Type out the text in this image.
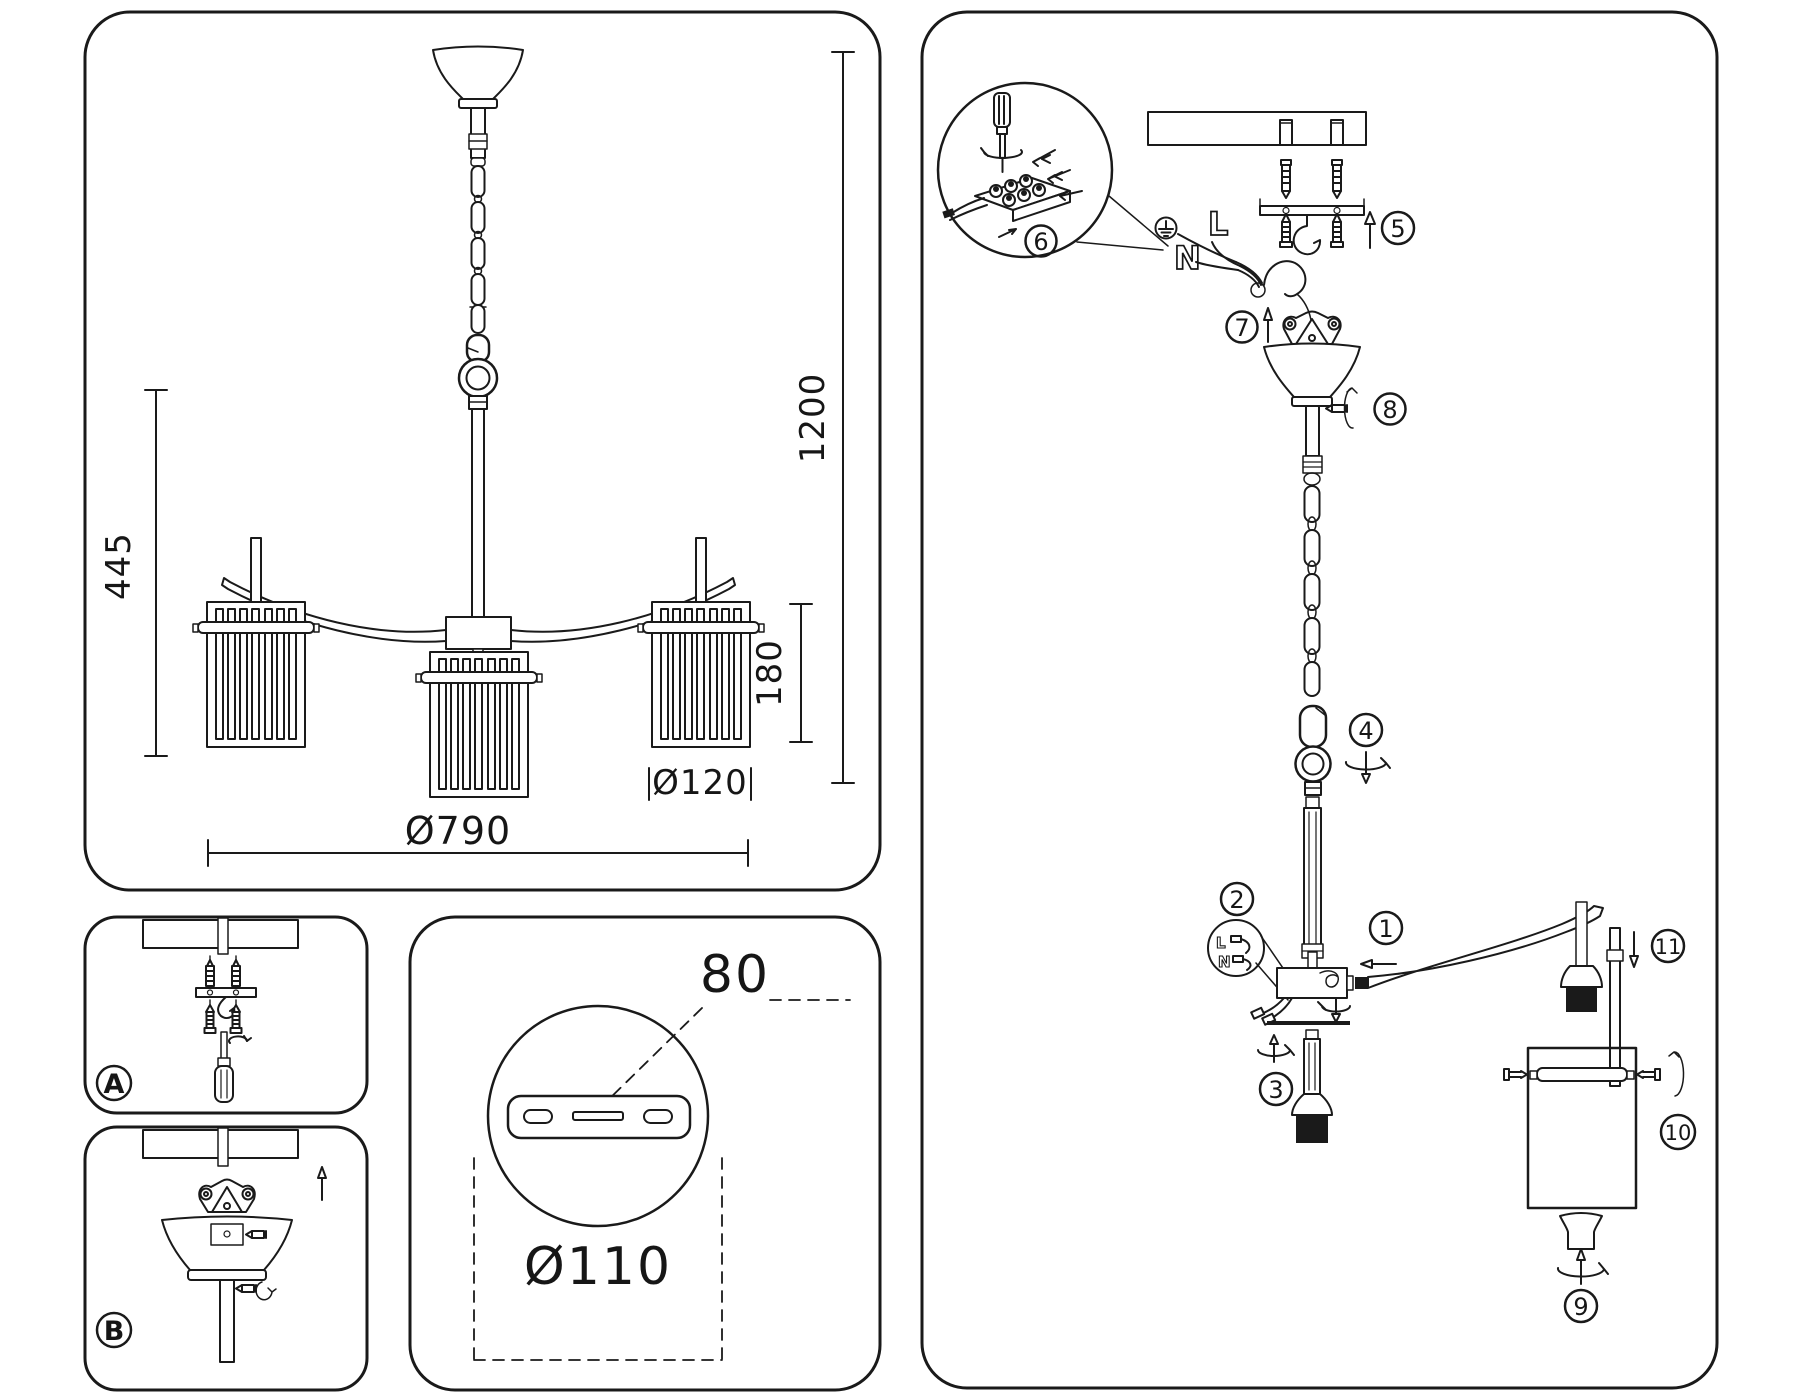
1200
445
180
Ø120
Ø790
A
B
80
Ø110
5
6	L
N
7
8
4
2
L
N
1
3
11
10
9
